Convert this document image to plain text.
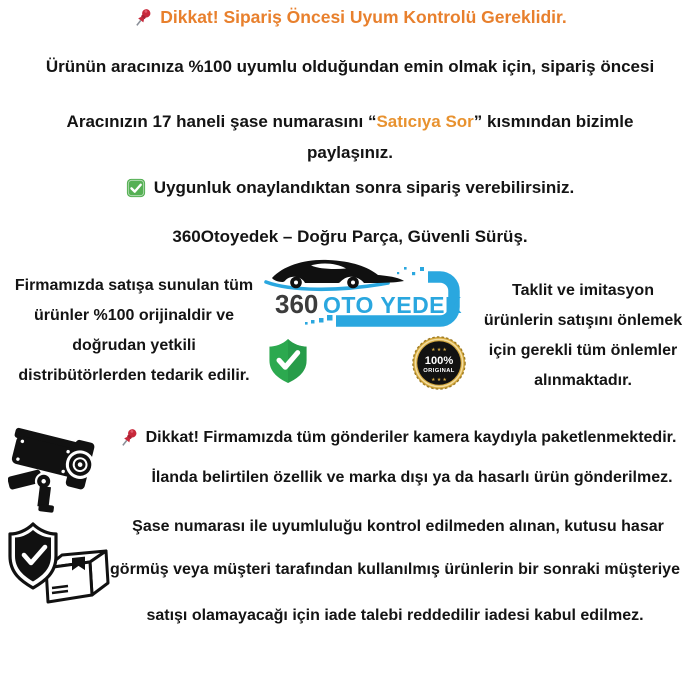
Dikkat! Sipariş Öncesi Uyum Kontrolü Gereklidir.
Ürünün aracınıza %100 uyumlu olduğundan emin olmak için, sipariş öncesi
Aracınızın 17 haneli şase numarasını “Satıcıya Sor” kısmından bizimle
paylaşınız.
Uygunluk onaylandıktan sonra sipariş verebilirsiniz.
360Otoyedek – Doğru Parça, Güvenli Sürüş.
Firmamızda satışa sunulan tüm
ürünler %100 orijinaldir ve
doğrudan yetkili
distribütörlerden tedarik edilir.
Taklit ve imitasyon
ürünlerin satışını önlemek
için gerekli tüm önlemler
alınmaktadır.
360 OTO YEDEK
★ ★ ★
100%
ORIGINAL
★ ★ ★
Dikkat! Firmamızda tüm gönderiler kamera kaydıyla paketlenmektedir.
İlanda belirtilen özellik ve marka dışı ya da hasarlı ürün gönderilmez.
Şase numarası ile uyumluluğu kontrol edilmeden alınan, kutusu hasar
görmüş veya müşteri tarafından kullanılmış ürünlerin bir sonraki müşteriye
satışı olamayacağı için iade talebi reddedilir iadesi kabul edilmez.
